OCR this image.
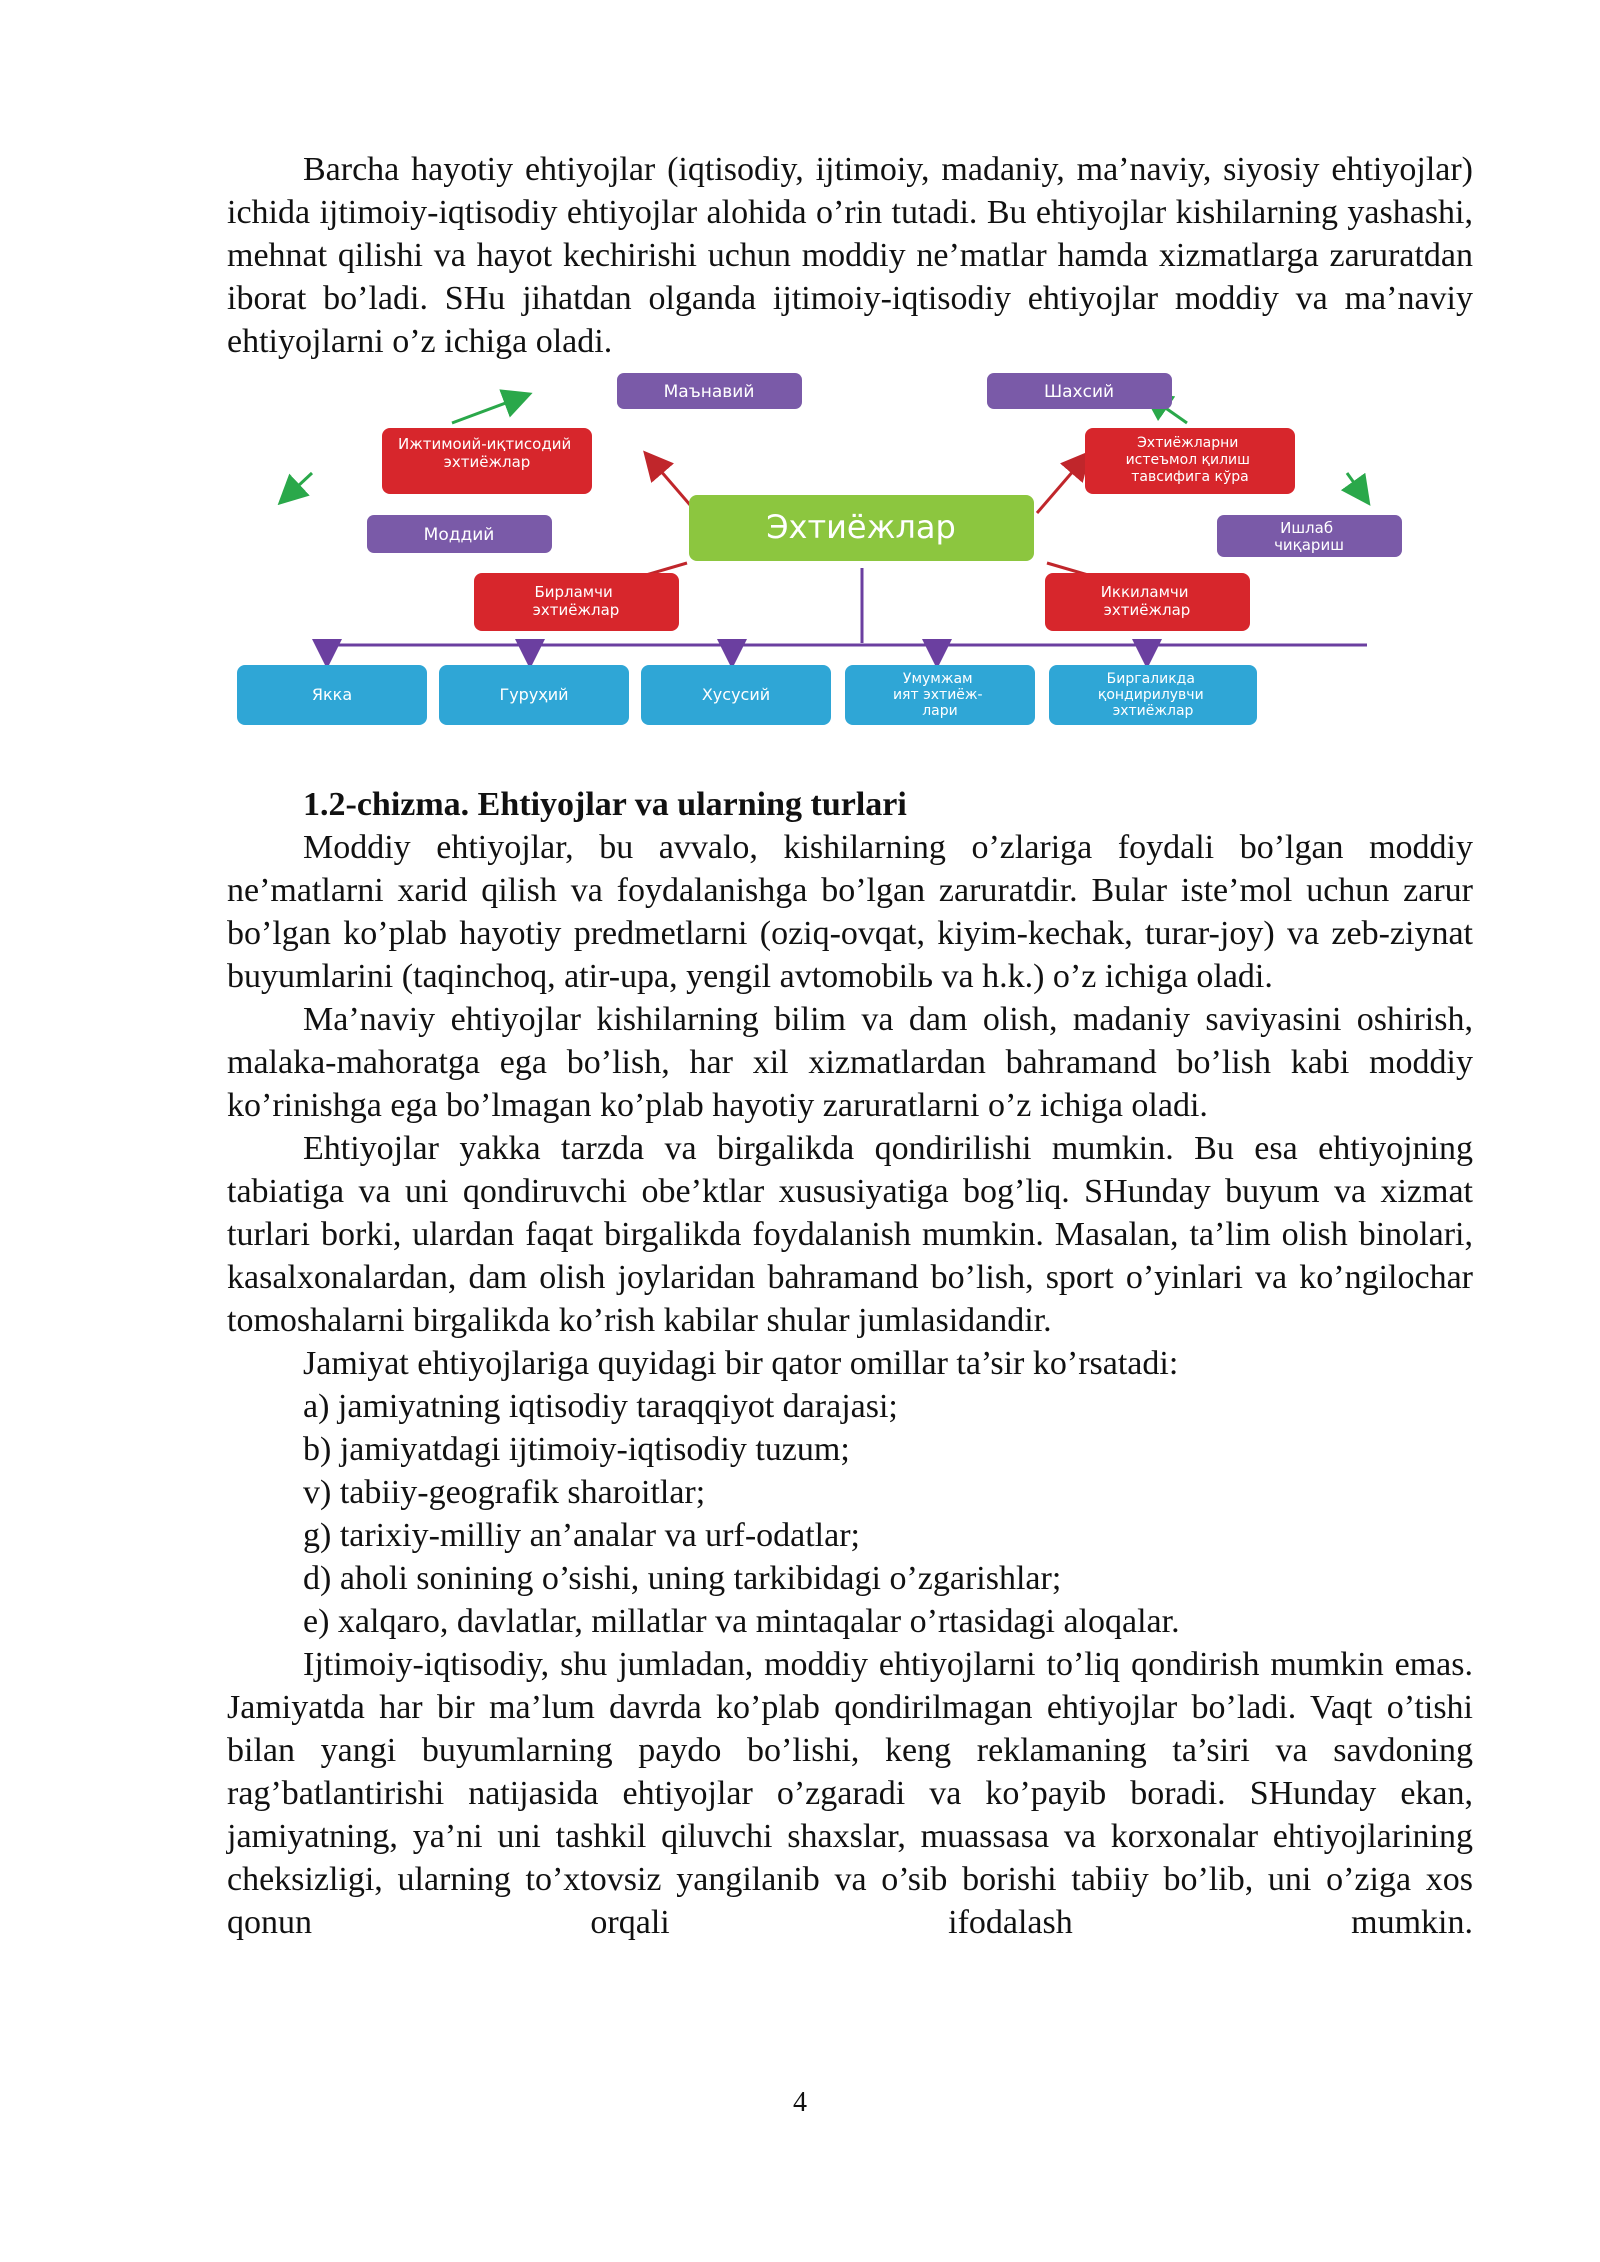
Barcha hayotiy ehtiyojlar (iqtisodiy, ijtimoiy, madaniy, ma’naviy, siyosiy ehtiyojlar) ichida ijtimoiy-iqtisodiy ehtiyojlar alohida o’rin tutadi. Bu ehtiyojlar kishilarning yashashi, mehnat qilishi va hayot kechirishi uchun moddiy ne’matlar hamda xizmatlarga zaruratdan iborat bo’ladi. SHu jihatdan olganda ijtimoiy-iqtisodiy ehtiyojlar moddiy va ma’naviy ehtiyojlarni o’z ichiga oladi.

Маънавий	Шахсий
Моддий	Ишлаб чиқариш
Ижтимоий-иқтисодий эхтиёжлар
Эхтиёжларни истеъмол қилиш тавсифига кўра
Бирламчи эхтиёжлар
Иккиламчи эхтиёжлар
Эхтиёжлар
Якка	Гуруҳий	Хусусий
Умумжам ият эхтиёж- лари
Биргаликда қондирилувчи эхтиёжлар

1.2-chizma. Ehtiyojlar va ularning turlari

Moddiy ehtiyojlar, bu avvalo, kishilarning o’zlariga foydali bo’lgan moddiy ne’matlarni xarid qilish va foydalanishga bo’lgan zaruratdir. Bular iste’mol uchun zarur bo’lgan ko’plab hayotiy predmetlarni (oziq-ovqat, kiyim-kechak, turar-joy) va zeb-ziynat buyumlarini (taqinchoq, atir-upa, yengil avtomobilь va h.k.) o’z ichiga oladi.

Ma’naviy ehtiyojlar kishilarning bilim va dam olish, madaniy saviyasini oshirish, malaka-mahoratga ega bo’lish, har xil xizmatlardan bahramand bo’lish kabi moddiy ko’rinishga ega bo’lmagan ko’plab hayotiy zaruratlarni o’z ichiga oladi.

Ehtiyojlar yakka tarzda va birgalikda qondirilishi mumkin. Bu esa ehtiyojning tabiatiga va uni qondiruvchi obe’ktlar xususiyatiga bog’liq. SHunday buyum va xizmat turlari borki, ulardan faqat birgalikda foydalanish mumkin. Masalan, ta’lim olish binolari, kasalxonalardan, dam olish joylaridan bahramand bo’lish, sport o’yinlari va ko’ngilochar tomoshalarni birgalikda ko’rish kabilar shular jumlasidandir.

Jamiyat ehtiyojlariga quyidagi bir qator omillar ta’sir ko’rsatadi:

a) jamiyatning iqtisodiy taraqqiyot darajasi;

b) jamiyatdagi ijtimoiy-iqtisodiy tuzum;

v) tabiiy-geografik sharoitlar;

g) tarixiy-milliy an’analar va urf-odatlar;

d) aholi sonining o’sishi, uning tarkibidagi o’zgarishlar;

e) xalqaro, davlatlar, millatlar va mintaqalar o’rtasidagi aloqalar.

Ijtimoiy-iqtisodiy, shu jumladan, moddiy ehtiyojlarni to’liq qondirish mumkin emas. Jamiyatda har bir ma’lum davrda ko’plab qondirilmagan ehtiyojlar bo’ladi. Vaqt o’tishi bilan yangi buyumlarning paydo bo’lishi, keng reklamaning ta’siri va savdoning rag’batlantirishi natijasida ehtiyojlar o’zgaradi va ko’payib boradi. SHunday ekan, jamiyatning, ya’ni uni tashkil qiluvchi shaxslar, muassasa va korxonalar ehtiyojlarining cheksizligi, ularning to’xtovsiz yangilanib va o’sib borishi tabiiy bo’lib, uni o’ziga xos qonun orqali ifodalash mumkin.

4
